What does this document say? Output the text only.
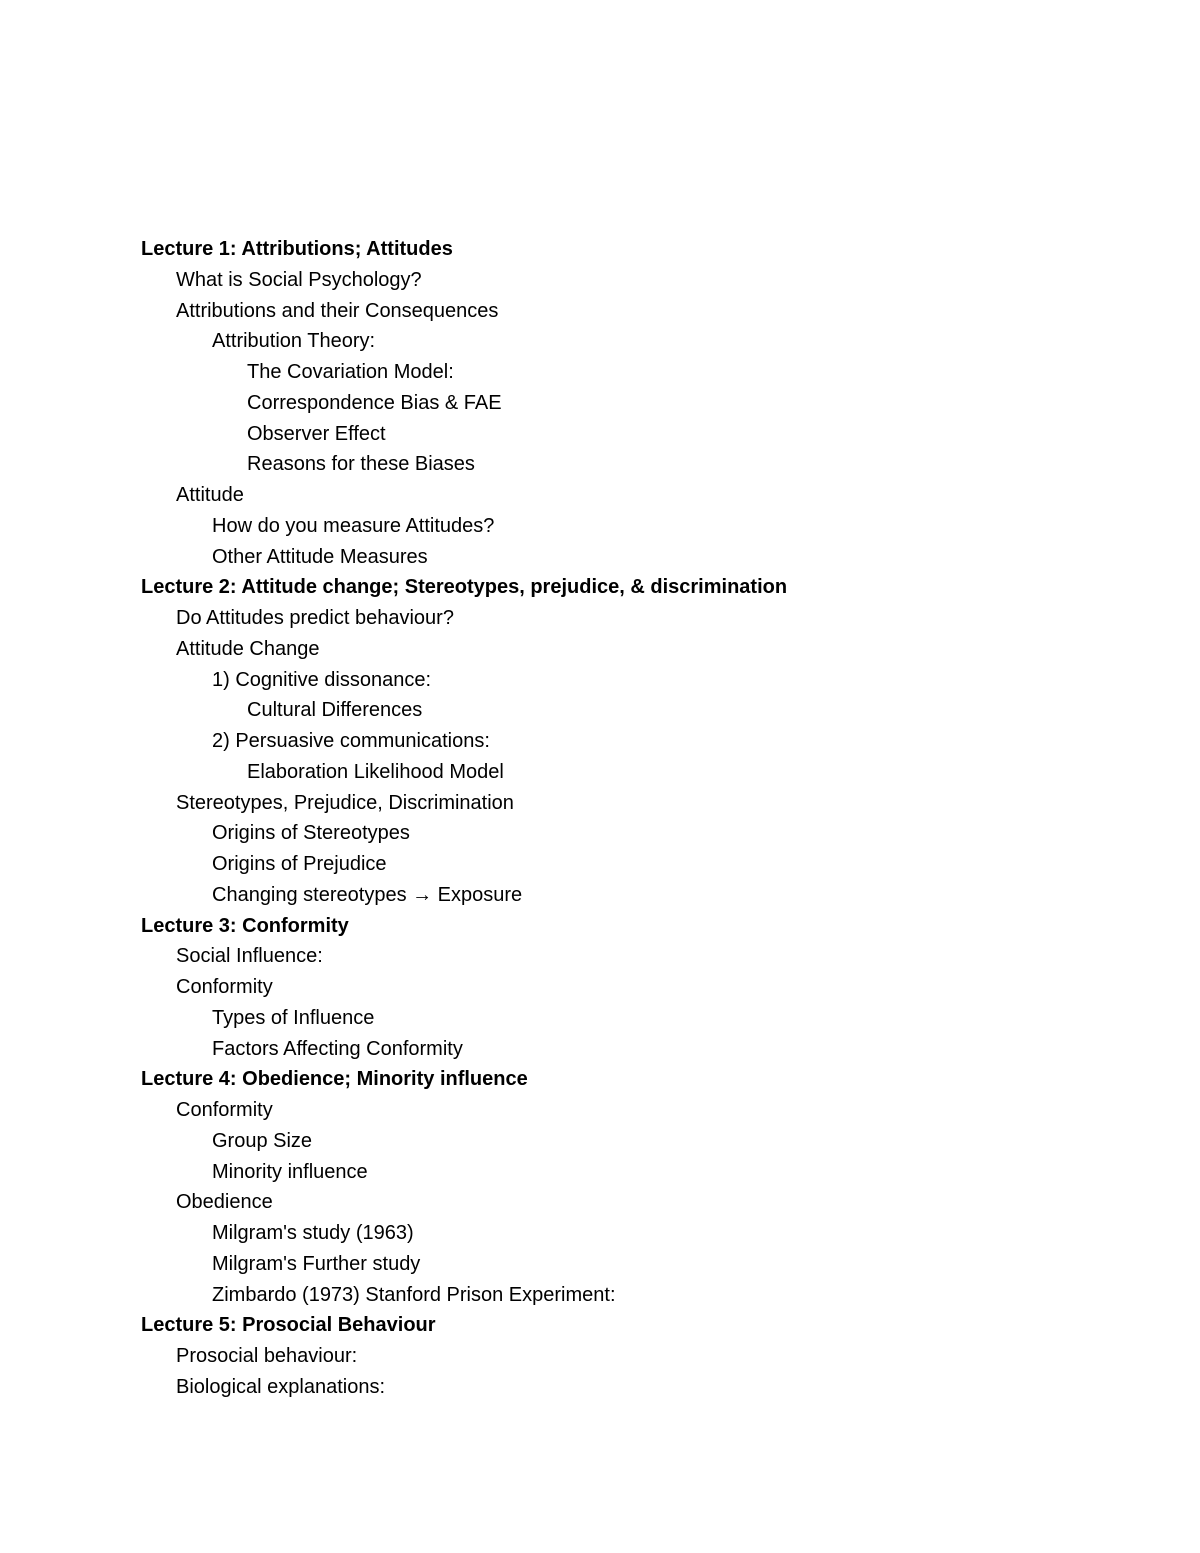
Lecture 1: Attributions; Attitudes
What is Social Psychology?
Attributions and their Consequences
Attribution Theory:
The Covariation Model:
Correspondence Bias & FAE
Observer Effect
Reasons for these Biases
Attitude
How do you measure Attitudes?
Other Attitude Measures
Lecture 2: Attitude change; Stereotypes, prejudice, & discrimination
Do Attitudes predict behaviour?
Attitude Change
1) Cognitive dissonance:
Cultural Differences
2) Persuasive communications:
Elaboration Likelihood Model
Stereotypes, Prejudice, Discrimination
Origins of Stereotypes
Origins of Prejudice
Changing stereotypes → Exposure
Lecture 3: Conformity
Social Influence:
Conformity
Types of Influence
Factors Affecting Conformity
Lecture 4: Obedience; Minority influence
Conformity
Group Size
Minority influence
Obedience
Milgram's study (1963)
Milgram's Further study
Zimbardo (1973) Stanford Prison Experiment:
Lecture 5: Prosocial Behaviour
Prosocial behaviour:
Biological explanations:
